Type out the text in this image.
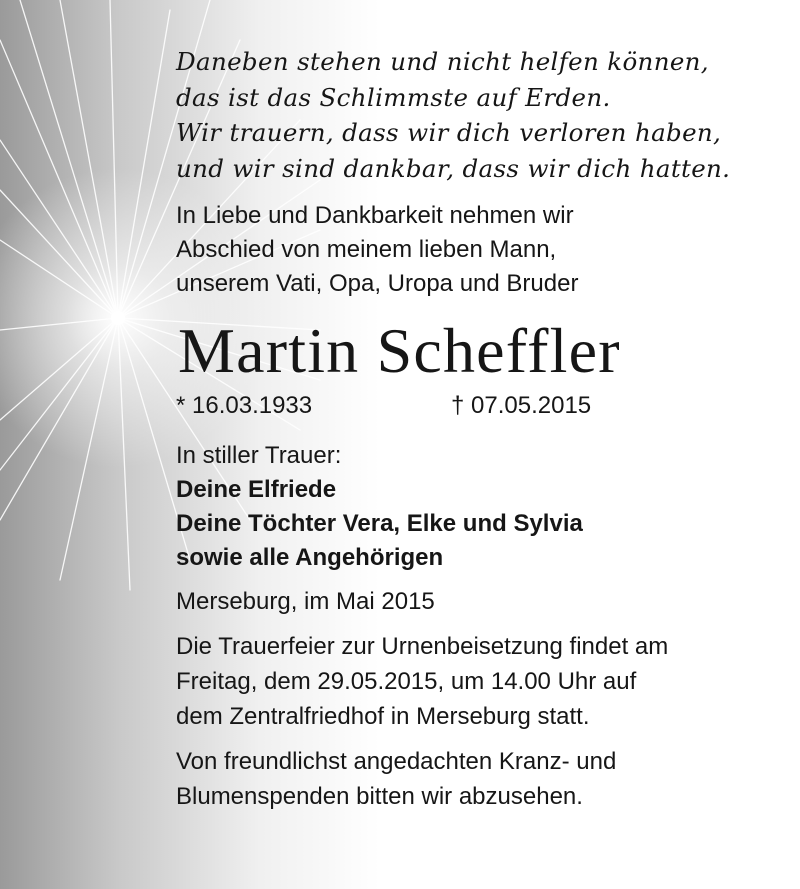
Daneben stehen und nicht helfen können,
das ist das Schlimmste auf Erden.
Wir trauern, dass wir dich verloren haben,
und wir sind dankbar, dass wir dich hatten.
In Liebe und Dankbarkeit nehmen wir
Abschied von meinem lieben Mann,
unserem Vati, Opa, Uropa und Bruder
Martin Scheffler
* 16.03.1933	† 07.05.2015
In stiller Trauer:
Deine Elfriede
Deine Töchter Vera, Elke und Sylvia
sowie alle Angehörigen
Merseburg, im Mai 2015
Die Trauerfeier zur Urnenbeisetzung findet am
Freitag, dem 29.05.2015, um 14.00 Uhr auf
dem Zentralfriedhof in Merseburg statt.
Von freundlichst angedachten Kranz- und
Blumenspenden bitten wir abzusehen.
